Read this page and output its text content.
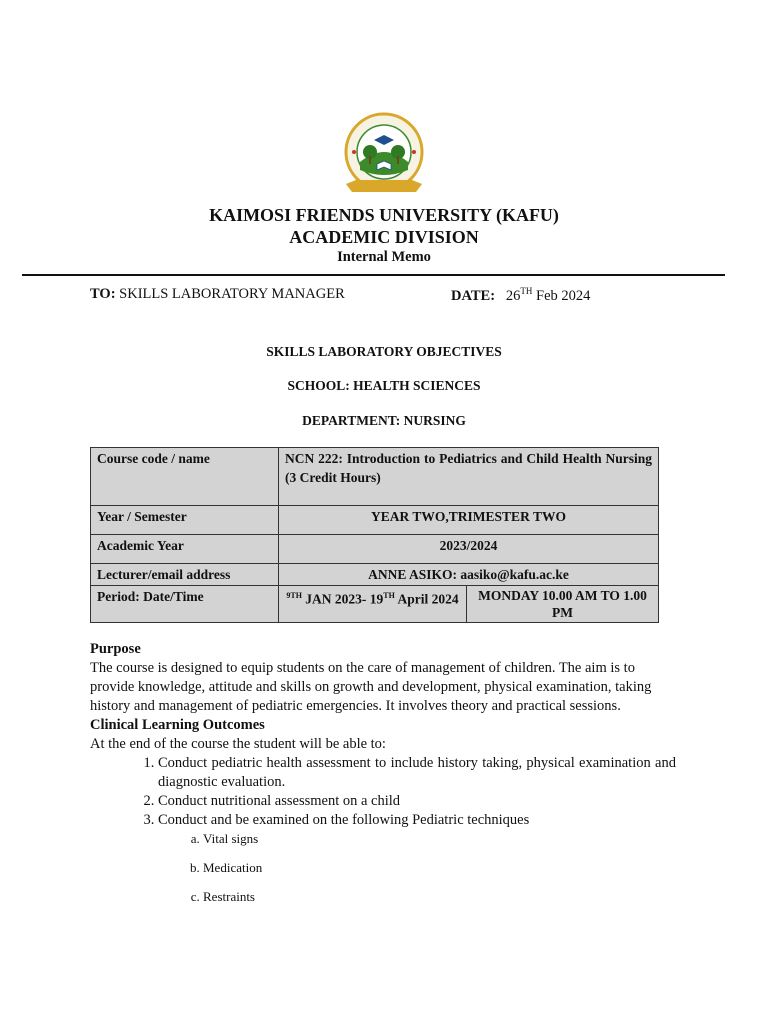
KAIMOSI FRIENDS UNIVERSITY (KAFU)
ACADEMIC DIVISION
Internal Memo
TO: SKILLS LABORATORY MANAGER	DATE: 26TH Feb 2024
SKILLS LABORATORY OBJECTIVES
SCHOOL: HEALTH SCIENCES
DEPARTMENT: NURSING
Course code / name	NCN 222: Introduction to Pediatrics and Child Health Nursing (3 Credit Hours)	
Year / Semester	YEAR TWO,TRIMESTER TWO	
Academic Year	2023/2024	
Lecturer/email address	ANNE ASIKO: aasiko@kafu.ac.ke	
Period: Date/Time	$^{9TH}$ JAN 2023- 19TH April 2024	MONDAY 10.00 AM TO 1.00 PM

Purpose

The course is designed to equip students on the care of management of children. The aim is to provide knowledge, attitude and skills on growth and development, physical examination, taking history and management of pediatric emergencies. It involves theory and practical sessions.

Clinical Learning Outcomes

At the end of the course the student will be able to:

1. Conduct pediatric health assessment to include history taking, physical examination and diagnostic evaluation.
2. Conduct nutritional assessment on a child
3. Conduct and be examined on the following Pediatric techniques
a. Vital signs
b. Medication
c. Restraints
